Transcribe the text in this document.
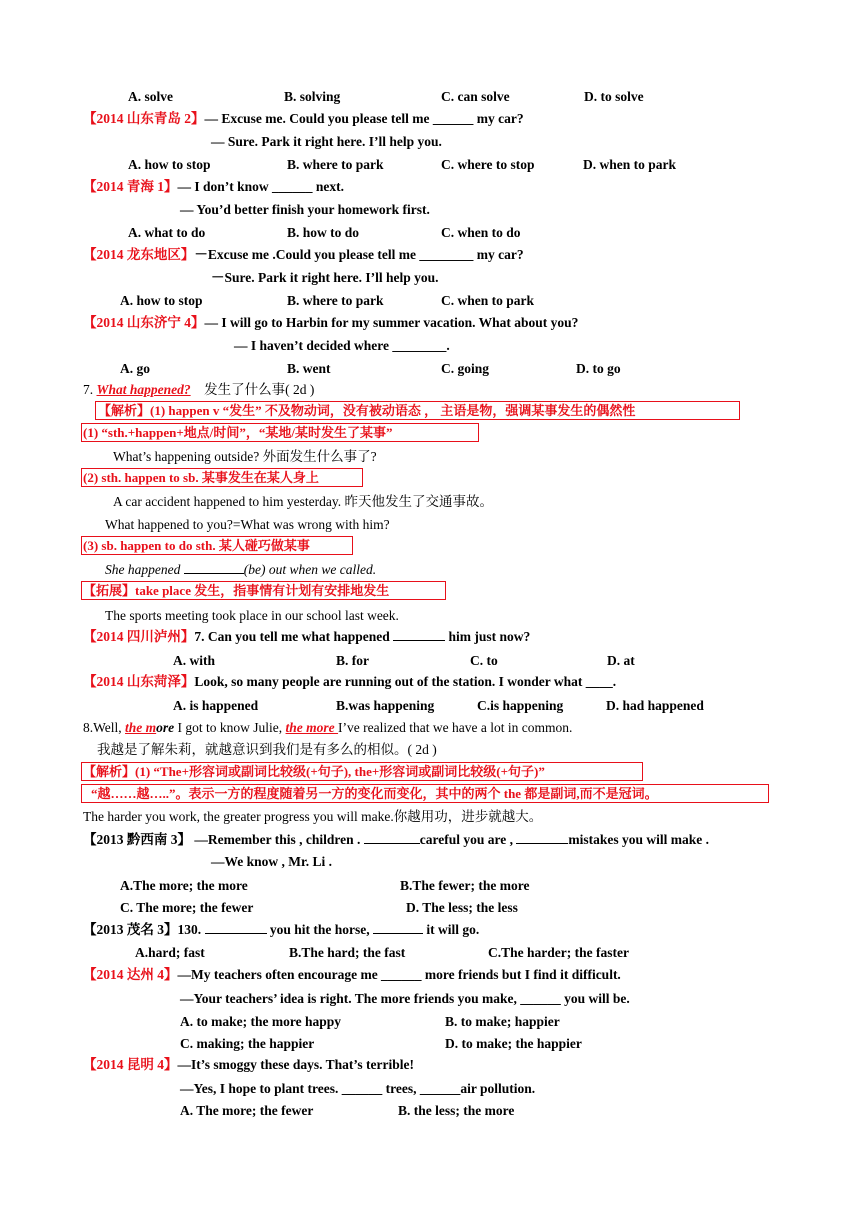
A. solve	B. solving	C. can solve	D. to solve
【2014 山东青岛 2】— Excuse me. Could you please tell me ______ my car?
— Sure. Park it right here. I’ll help you.
A. how to stop	B. where to park	C. where to stop	D. when to park
【2014 青海 1】— I don’t know ______ next.
— You’d better finish your homework first.
A. what to do	B. how to do	C. when to do
【2014 龙东地区】－Excuse me .Could you please tell me ________ my car?
－Sure. Park it right here. I’ll help you.
A. how to stop	B. where to park	C. when to park
【2014 山东济宁 4】— I will go to Harbin for my summer vacation. What about you?
— I haven’t decided where ________.
A. go	B. went	C. going	D. to go
7. What happened? 发生了什么事( 2d )
【解析】(1) happen v “发生” 不及物动词，没有被动语态 ， 主语是物，强调某事发生的偶然性
(1) “sth.+happen+地点/时间”，“某地/某时发生了某事”
What’s happening outside? 外面发生什么事了?
(2) sth. happen to sb. 某事发生在某人身上
A car accident happened to him yesterday. 昨天他发生了交通事故。
What happened to you?=What was wrong with him?
(3) sb. happen to do sth. 某人碰巧做某事
She happened	(be) out when we called.
【拓展】take place 发生，指事情有计划有安排地发生
The sports meeting took place in our school last week.
【2014 四川泸州】7. Can you tell me what happened	him just now?
A. with	B. for	C. to	D. at
【2014 山东菏泽】Look, so many people are running out of the station. I wonder what ____.
A. is happened	B.was happening	C.is happening	D. had happened
8.Well, the more I got to know Julie, the more I’ve realized that we have a lot in common.
我越是了解朱莉，就越意识到我们是有多么的相似。( 2d )
【解析】(1) “The+形容词或副词比较级(+句子), the+形容词或副词比较级(+句子)”
“越……越…..”。表示一方的程度随着另一方的变化而变化，其中的两个 the 都是副词,而不是冠词。
The harder you work, the greater progress you will make.你越用功，进步就越大。
【2013 黔西南 3】 —Remember this , children .	careful you are ,	mistakes you will make .
—We know , Mr. Li .
A.The more; the more	B.The fewer; the more
C. The more; the fewer	D. The less; the less
【2013 茂名 3】130.	you hit the horse,	it will go.
A.hard; fast	B.The hard; the fast	C.The harder; the faster
【2014 达州 4】—My teachers often encourage me ______ more friends but I find it difficult.
—Your teachers’ idea is right. The more friends you make, ______ you will be.
A. to make; the more happy	B. to make; happier
C. making; the happier	D. to make; the happier
【2014 昆明 4】—It’s smoggy these days. That’s terrible!
—Yes, I hope to plant trees. ______ trees, ______air pollution.
A. The more; the fewer	B. the less; the more
